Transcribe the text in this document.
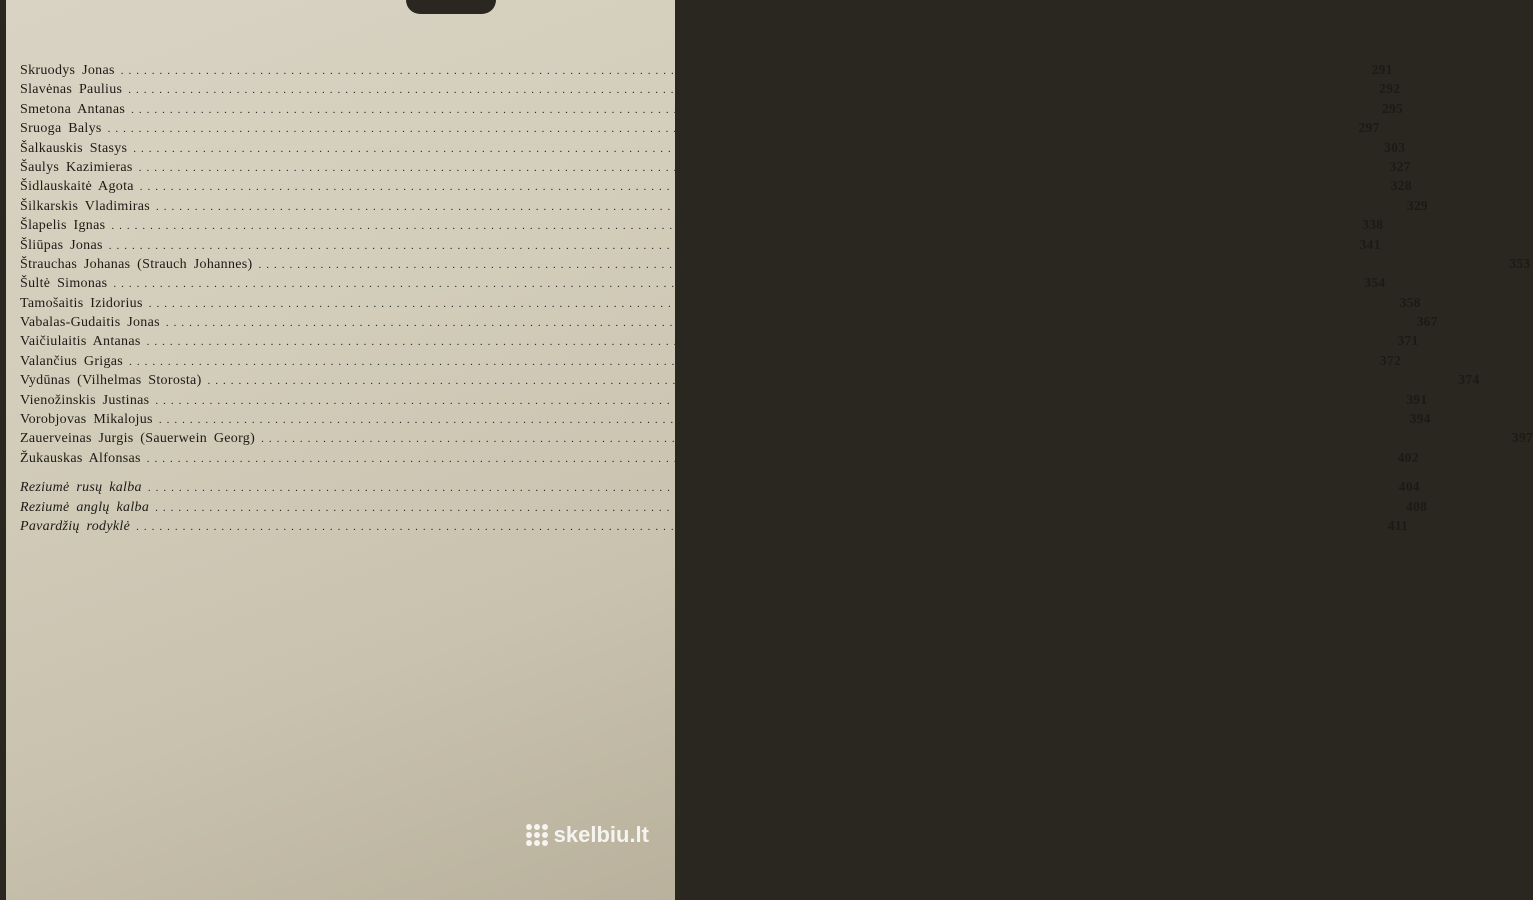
Skruodys Jonas ................................................................................................................................................................ 291
Slavėnas Paulius ................................................................................................................................................................ 292
Smetona Antanas ................................................................................................................................................................ 295
Sruoga Balys ................................................................................................................................................................ 297
Šalkauskis Stasys ................................................................................................................................................................ 303
Šaulys Kazimieras ................................................................................................................................................................ 327
Šidlauskaitė Agota ................................................................................................................................................................ 328
Šilkarskis Vladimiras ................................................................................................................................................................ 329
Šlapelis Ignas ................................................................................................................................................................ 338
Šliūpas Jonas ................................................................................................................................................................ 341
Štrauchas Johanas (Strauch Johannes) ................................................................................................................................................................ 353
Šultė Simonas ................................................................................................................................................................ 354
Tamošaitis Izidorius ................................................................................................................................................................ 358
Vabalas-Gudaitis Jonas ................................................................................................................................................................ 367
Vaičiulaitis Antanas ................................................................................................................................................................ 371
Valančius Grigas ................................................................................................................................................................ 372
Vydūnas (Vilhelmas Storosta) ................................................................................................................................................................ 374
Vienožinskis Justinas ................................................................................................................................................................ 391
Vorobjovas Mikalojus ................................................................................................................................................................ 394
Zauerveinas Jurgis (Sauerwein Georg) ................................................................................................................................................................ 397
Žukauskas Alfonsas ................................................................................................................................................................ 402
Reziumė rusų kalba ................................................................................................................................................................ 404
Reziumė anglų kalba ................................................................................................................................................................ 408
Pavardžių rodyklė ................................................................................................................................................................ 411
skelbiu.lt
